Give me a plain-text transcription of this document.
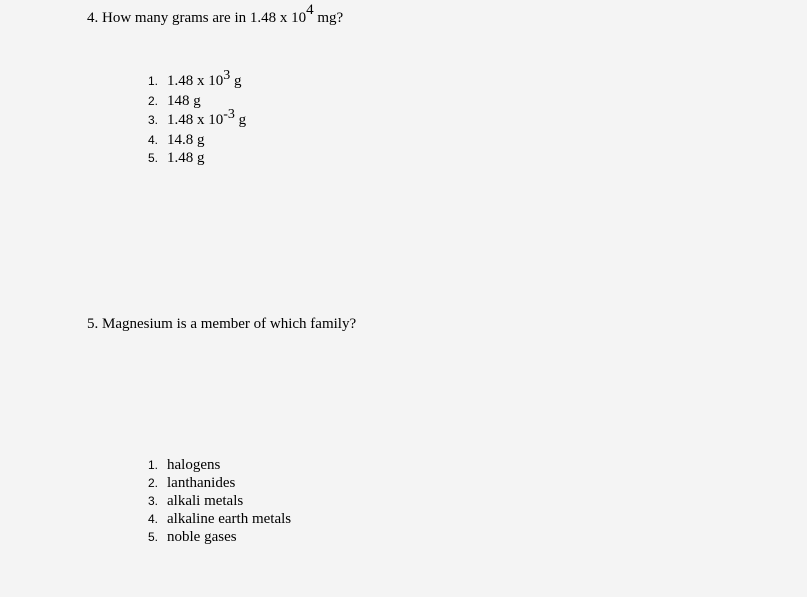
4. How many grams are in 1.48 x $10^4$ mg?
1. 1.48 x $10^3$ g
2. 148 g
3. 1.48 x $10^{-3}$ g
4. 14.8 g
5. 1.48 g
5. Magnesium is a member of which family?
1. halogens
2. lanthanides
3. alkali metals
4. alkaline earth metals
5. noble gases
